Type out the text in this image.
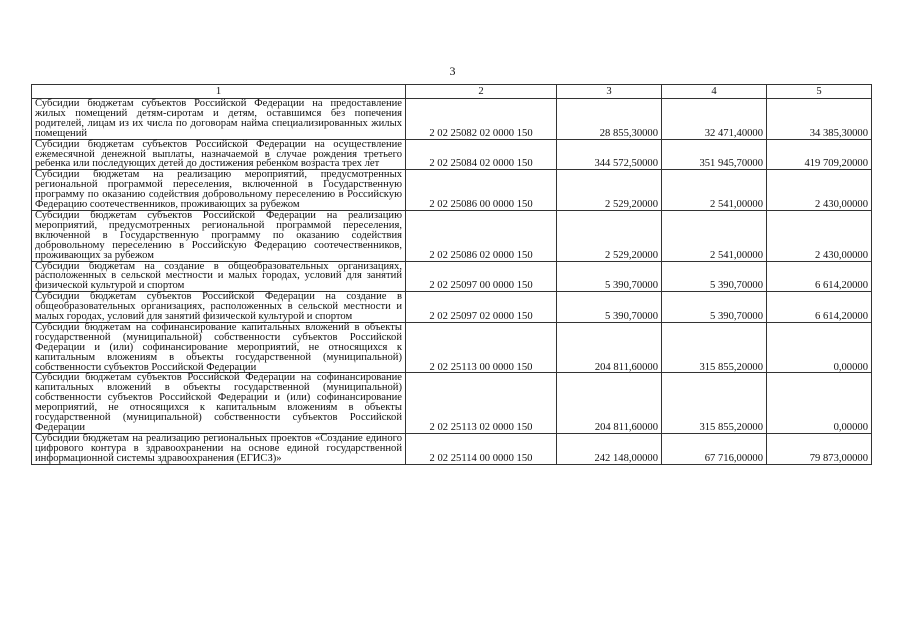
3
1	2	3	4	5
Субсидии бюджетам субъектов Российской Федерации на предоставление жилых помещений детям-сиротам и детям, оставшимся без попечения родителей, лицам из их числа по договорам найма специализированных жилых помещений	2 02 25082 02 0000 150	28 855,30000	32 471,40000	34 385,30000
Субсидии бюджетам субъектов Российской Федерации на осуществление ежемесячной денежной выплаты, назначаемой в случае рождения третьего ребенка или последующих детей до достижения ребенком возраста трех лет	2 02 25084 02 0000 150	344 572,50000	351 945,70000	419 709,20000
Субсидии бюджетам на реализацию мероприятий, предусмотренных региональной программой переселения, включенной в Государственную программу по оказанию содействия добровольному переселению в Российскую Федерацию соотечественников, проживающих за рубежом	2 02 25086 00 0000 150	2 529,20000	2 541,00000	2 430,00000
Субсидии бюджетам субъектов Российской Федерации на реализацию мероприятий, предусмотренных региональной программой переселения, включенной в Государственную программу по оказанию содействия добровольному переселению в Российскую Федерацию соотечественников, проживающих за рубежом	2 02 25086 02 0000 150	2 529,20000	2 541,00000	2 430,00000
Субсидии бюджетам на создание в общеобразовательных организациях, расположенных в сельской местности и малых городах, условий для занятий физической культурой и спортом	2 02 25097 00 0000 150	5 390,70000	5 390,70000	6 614,20000
Субсидии бюджетам субъектов Российской Федерации на создание в общеобразовательных организациях, расположенных в сельской местности и малых городах, условий для занятий физической культурой и спортом	2 02 25097 02 0000 150	5 390,70000	5 390,70000	6 614,20000
Субсидии бюджетам на софинансирование капитальных вложений в объекты государственной (муниципальной) собственности субъектов Российской Федерации и (или) софинансирование мероприятий, не относящихся к капитальным вложениям в объекты государственной (муниципальной) собственности субъектов Российской Федерации	2 02 25113 00 0000 150	204 811,60000	315 855,20000	0,00000
Субсидии бюджетам субъектов Российской Федерации на софинансирование капитальных вложений в объекты государственной (муниципальной) собственности субъектов Российской Федерации и (или) софинансирование мероприятий, не относящихся к капитальным вложениям в объекты государственной (муниципальной) собственности субъектов Российской Федерации	2 02 25113 02 0000 150	204 811,60000	315 855,20000	0,00000
Субсидии бюджетам на реализацию региональных проектов «Создание единого цифрового контура в здравоохранении на основе единой государственной информационной системы здравоохранения (ЕГИСЗ)»	2 02 25114 00 0000 150	242 148,00000	67 716,00000	79 873,00000
